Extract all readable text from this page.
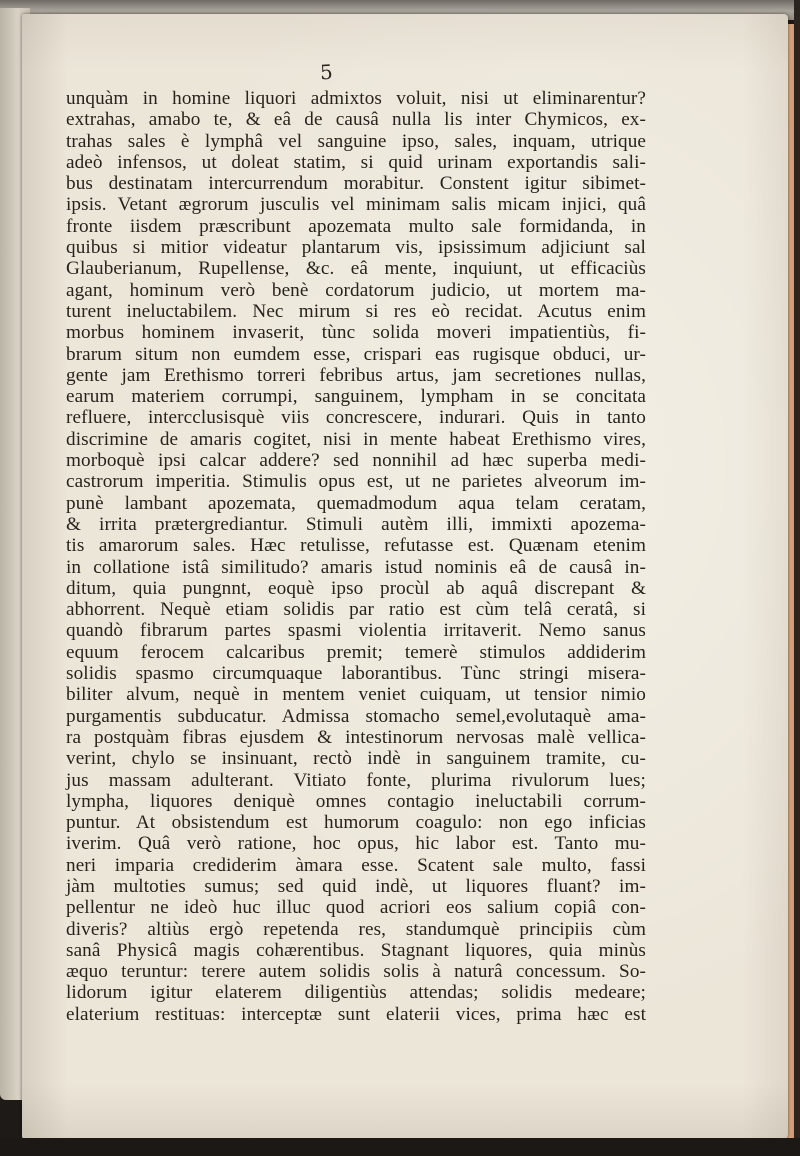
5
unquàm in homine liquori admixtos voluit, nisi ut eliminarentur?
extrahas, amabo te, & eâ de causâ nulla lis inter Chymicos, ex-
trahas sales è lymphâ vel sanguine ipso, sales, inquam, utrique
adeò infensos, ut doleat statim, si quid urinam exportandis sali-
bus destinatam intercurrendum morabitur. Constent igitur sibimet-
ipsis. Vetant ægrorum jusculis vel minimam salis micam injici, quâ
fronte iisdem præscribunt apozemata multo sale formidanda, in
quibus si mitior videatur plantarum vis, ipsissimum adjiciunt sal
Glauberianum, Rupellense, &c. eâ mente, inquiunt, ut efficaciùs
agant, hominum verò benè cordatorum judicio, ut mortem ma-
turent ineluctabilem. Nec mirum si res eò recidat. Acutus enim
morbus hominem invaserit, tùnc solida moveri impatientiùs, fi-
brarum situm non eumdem esse, crispari eas rugisque obduci, ur-
gente jam Erethismo torreri febribus artus, jam secretiones nullas,
earum materiem corrumpi, sanguinem, lympham in se concitata
refluere, intercclusisquè viis concrescere, indurari. Quis in tanto
discrimine de amaris cogitet, nisi in mente habeat Erethismo vires,
morboquè ipsi calcar addere? sed nonnihil ad hæc superba medi-
castrorum imperitia. Stimulis opus est, ut ne parietes alveorum im-
punè lambant apozemata, quemadmodum aqua telam ceratam,
& irrita prætergrediantur. Stimuli autèm illi, immixti apozema-
tis amarorum sales. Hæc retulisse, refutasse est. Quænam etenim
in collatione istâ similitudo? amaris istud nominis eâ de causâ in-
ditum, quia pungnnt, eoquè ipso procùl ab aquâ discrepant &
abhorrent. Nequè etiam solidis par ratio est cùm telâ ceratâ, si
quandò fibrarum partes spasmi violentia irritaverit. Nemo sanus
equum ferocem calcaribus premit; temerè stimulos addiderim
solidis spasmo circumquaque laborantibus. Tùnc stringi misera-
biliter alvum, nequè in mentem veniet cuiquam, ut tensior nimio
purgamentis subducatur. Admissa stomacho semel,evolutaquè ama-
ra postquàm fibras ejusdem & intestinorum nervosas malè vellica-
verint, chylo se insinuant, rectò indè in sanguinem tramite, cu-
jus massam adulterant. Vitiato fonte, plurima rivulorum lues;
lympha, liquores deniquè omnes contagio ineluctabili corrum-
puntur. At obsistendum est humorum coagulo: non ego inficias
iverim. Quâ verò ratione, hoc opus, hic labor est. Tanto mu-
neri imparia crediderim àmara esse. Scatent sale multo, fassi
jàm multoties sumus; sed quid indè, ut liquores fluant? im-
pellentur ne ideò huc illuc quod acriori eos salium copiâ con-
diveris? altiùs ergò repetenda res, standumquè principiis cùm
sanâ Physicâ magis cohærentibus. Stagnant liquores, quia minùs
æquo teruntur: terere autem solidis solis à naturâ concessum. So-
lidorum igitur elaterem diligentiùs attendas; solidis medeare;
elaterium restituas: interceptæ sunt elaterii vices, prima hæc est
